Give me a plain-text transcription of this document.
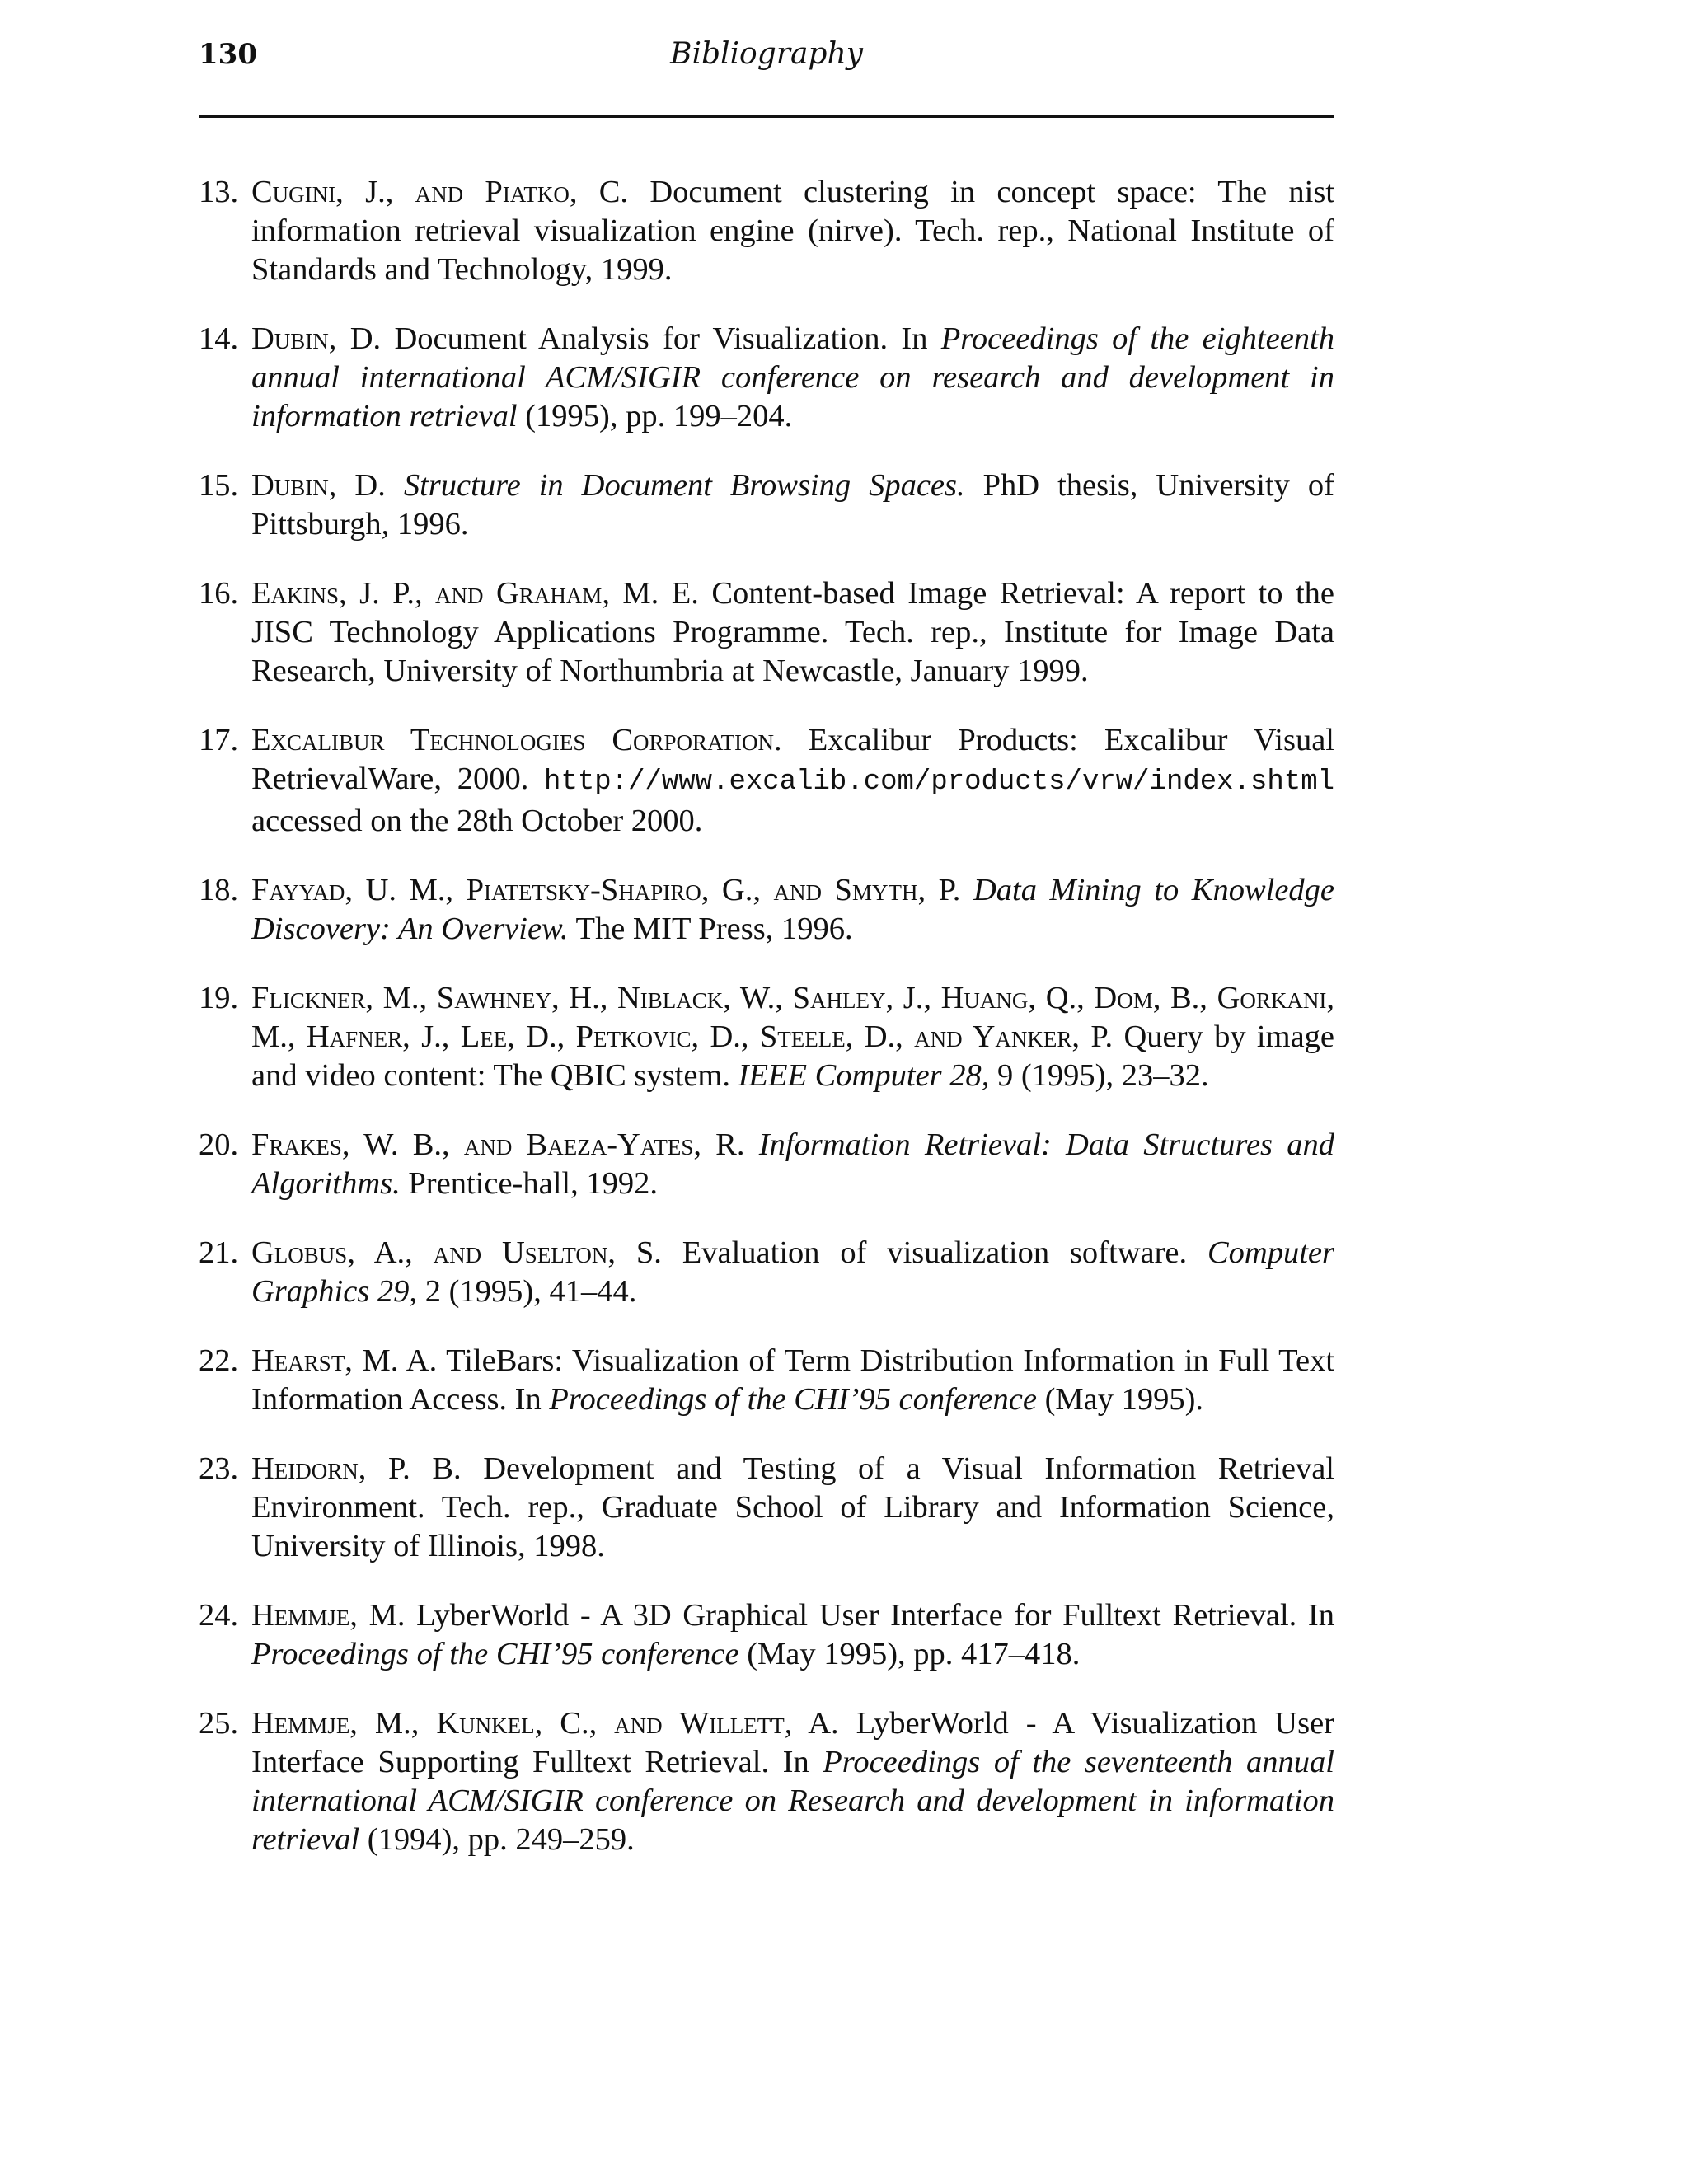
130	Bibliography
13. Cugini, J., and Piatko, C. Document clustering in concept space: The nist information retrieval visualization engine (nirve). Tech. rep., National Institute of Standards and Technology, 1999.
14. Dubin, D. Document Analysis for Visualization. In Proceedings of the eighteenth annual international ACM/SIGIR conference on research and development in information retrieval (1995), pp. 199–204.
15. Dubin, D. Structure in Document Browsing Spaces. PhD thesis, University of Pittsburgh, 1996.
16. Eakins, J. P., and Graham, M. E. Content-based Image Retrieval: A report to the JISC Technology Applications Programme. Tech. rep., Institute for Image Data Research, University of Northumbria at Newcastle, January 1999.
17. Excalibur Technologies Corporation. Excalibur Products: Excalibur Visual RetrievalWare, 2000. http://www.excalib.com/products/vrw/index.shtml accessed on the 28th October 2000.
18. Fayyad, U. M., Piatetsky-Shapiro, G., and Smyth, P. Data Mining to Knowledge Discovery: An Overview. The MIT Press, 1996.
19. Flickner, M., Sawhney, H., Niblack, W., Sahley, J., Huang, Q., Dom, B., Gorkani, M., Hafner, J., Lee, D., Petkovic, D., Steele, D., and Yanker, P. Query by image and video content: The QBIC system. IEEE Computer 28, 9 (1995), 23–32.
20. Frakes, W. B., and Baeza-Yates, R. Information Retrieval: Data Structures and Algorithms. Prentice-hall, 1992.
21. Globus, A., and Uselton, S. Evaluation of visualization software. Computer Graphics 29, 2 (1995), 41–44.
22. Hearst, M. A. TileBars: Visualization of Term Distribution Information in Full Text Information Access. In Proceedings of the CHI’95 conference (May 1995).
23. Heidorn, P. B. Development and Testing of a Visual Information Retrieval Environment. Tech. rep., Graduate School of Library and Information Science, University of Illinois, 1998.
24. Hemmje, M. LyberWorld - A 3D Graphical User Interface for Fulltext Retrieval. In Proceedings of the CHI’95 conference (May 1995), pp. 417–418.
25. Hemmje, M., Kunkel, C., and Willett, A. LyberWorld - A Visualization User Interface Supporting Fulltext Retrieval. In Proceedings of the seventeenth annual international ACM/SIGIR conference on Research and development in information retrieval (1994), pp. 249–259.
